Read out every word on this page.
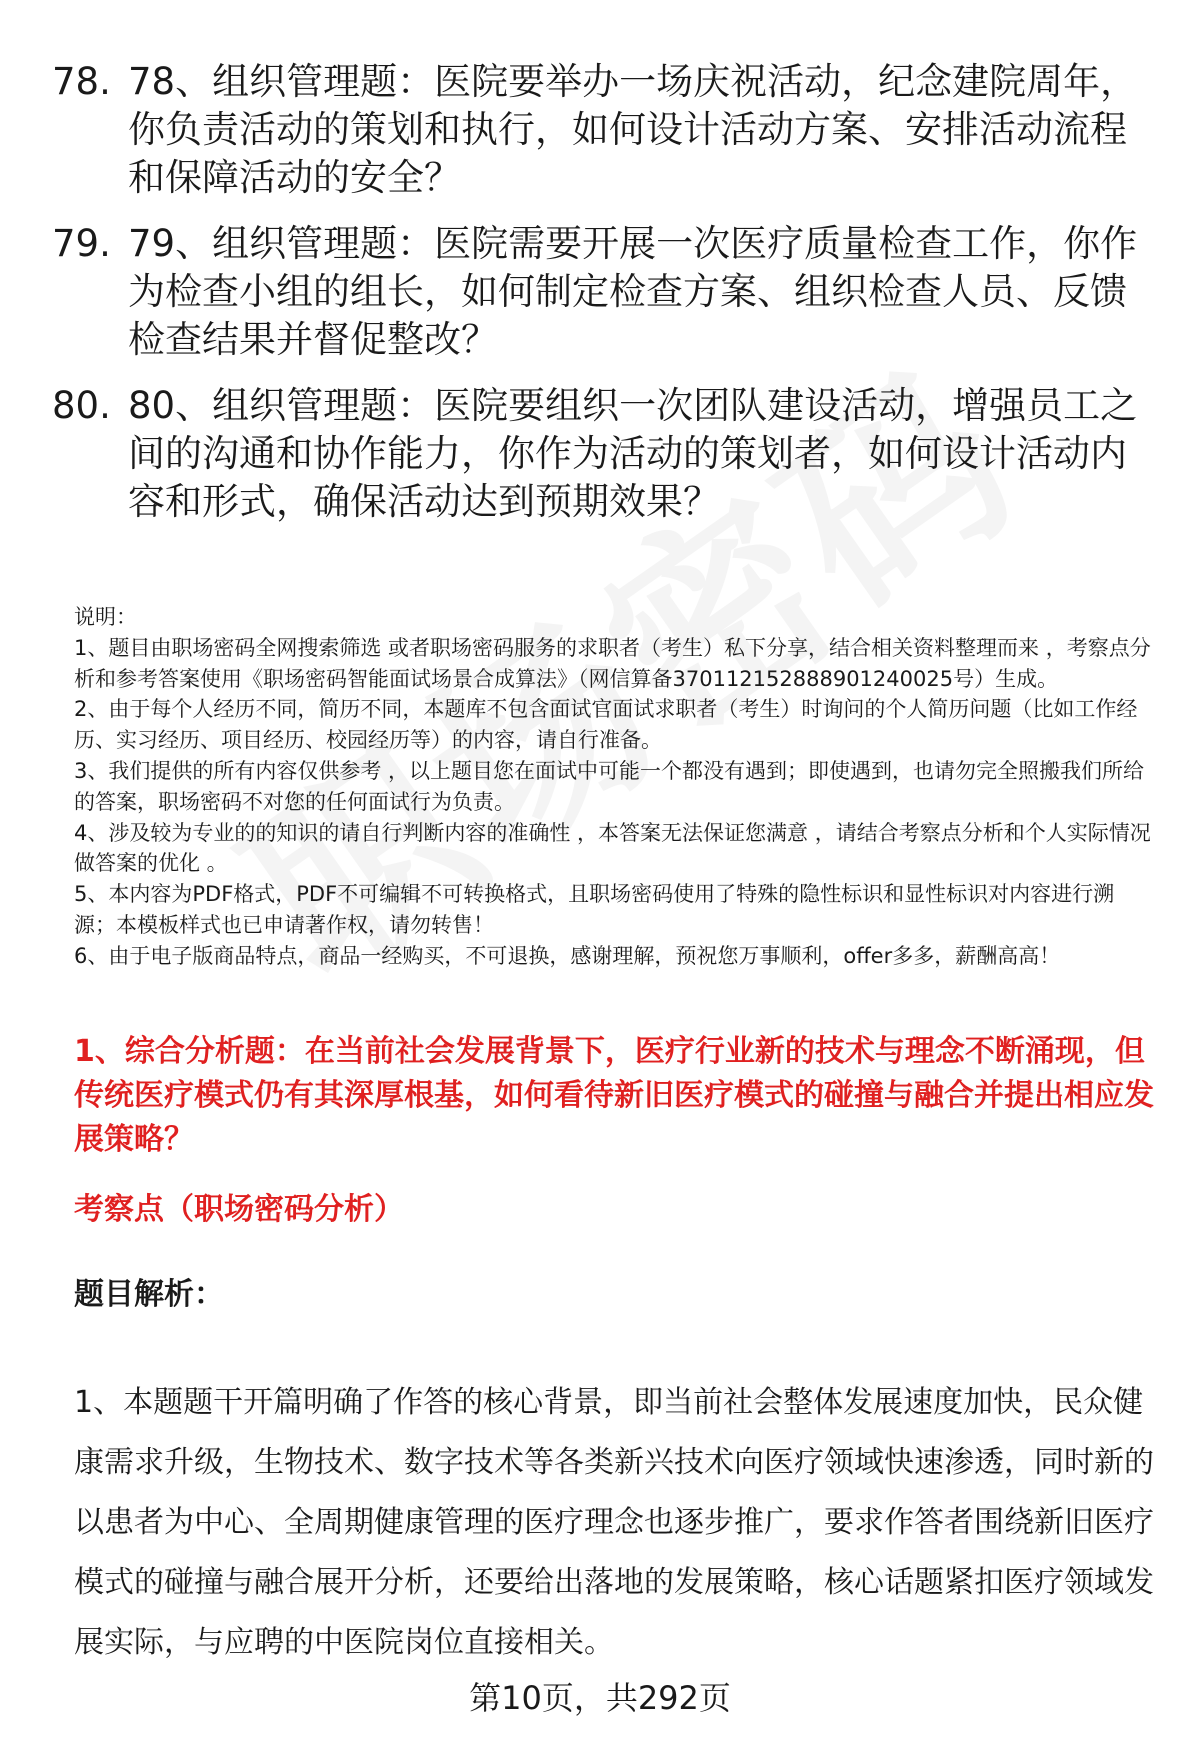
78. 78、组织管理题：医院要举办一场庆祝活动，纪念建院周年，你负责活动的策划和执行，如何设计活动方案、安排活动流程和保障活动的安全？
79. 79、组织管理题：医院需要开展一次医疗质量检查工作，你作为检查小组的组长，如何制定检查方案、组织检查人员、反馈检查结果并督促整改？
80. 80、组织管理题：医院要组织一次团队建设活动，增强员工之间的沟通和协作能力，你作为活动的策划者，如何设计活动内容和形式，确保活动达到预期效果？
说明：
1、题目由职场密码全网搜索筛选 或者职场密码服务的求职者（考生）私下分享，结合相关资料整理而来 ，考察点分析和参考答案使用《职场密码智能面试场景合成算法》（网信算备370112152888901240025号）生成。
2、由于每个人经历不同，简历不同，本题库不包含面试官面试求职者（考生）时询问的个人简历问题（比如工作经历、实习经历、项目经历、校园经历等）的内容，请自行准备。
3、我们提供的所有内容仅供参考 ，以上题目您在面试中可能一个都没有遇到；即使遇到，也请勿完全照搬我们所给的答案，职场密码不对您的任何面试行为负责。
4、涉及较为专业的的知识的请自行判断内容的准确性 ，本答案无法保证您满意 ，请结合考察点分析和个人实际情况做答案的优化 。
5、本内容为PDF格式，PDF不可编辑不可转换格式，且职场密码使用了特殊的隐性标识和显性标识对内容进行溯源；本模板样式也已申请著作权，请勿转售！
6、由于电子版商品特点，商品一经购买，不可退换，感谢理解，预祝您万事顺利，offer多多，薪酬高高！
1、综合分析题：在当前社会发展背景下，医疗行业新的技术与理念不断涌现，但传统医疗模式仍有其深厚根基，如何看待新旧医疗模式的碰撞与融合并提出相应发展策略？
考察点（职场密码分析）
题目解析：
1、本题题干开篇明确了作答的核心背景，即当前社会整体发展速度加快，民众健康需求升级，生物技术、数字技术等各类新兴技术向医疗领域快速渗透，同时新的以患者为中心、全周期健康管理的医疗理念也逐步推广，要求作答者围绕新旧医疗模式的碰撞与融合展开分析，还要给出落地的发展策略，核心话题紧扣医疗领域发展实际，与应聘的中医院岗位直接相关。
第10页，共292页
